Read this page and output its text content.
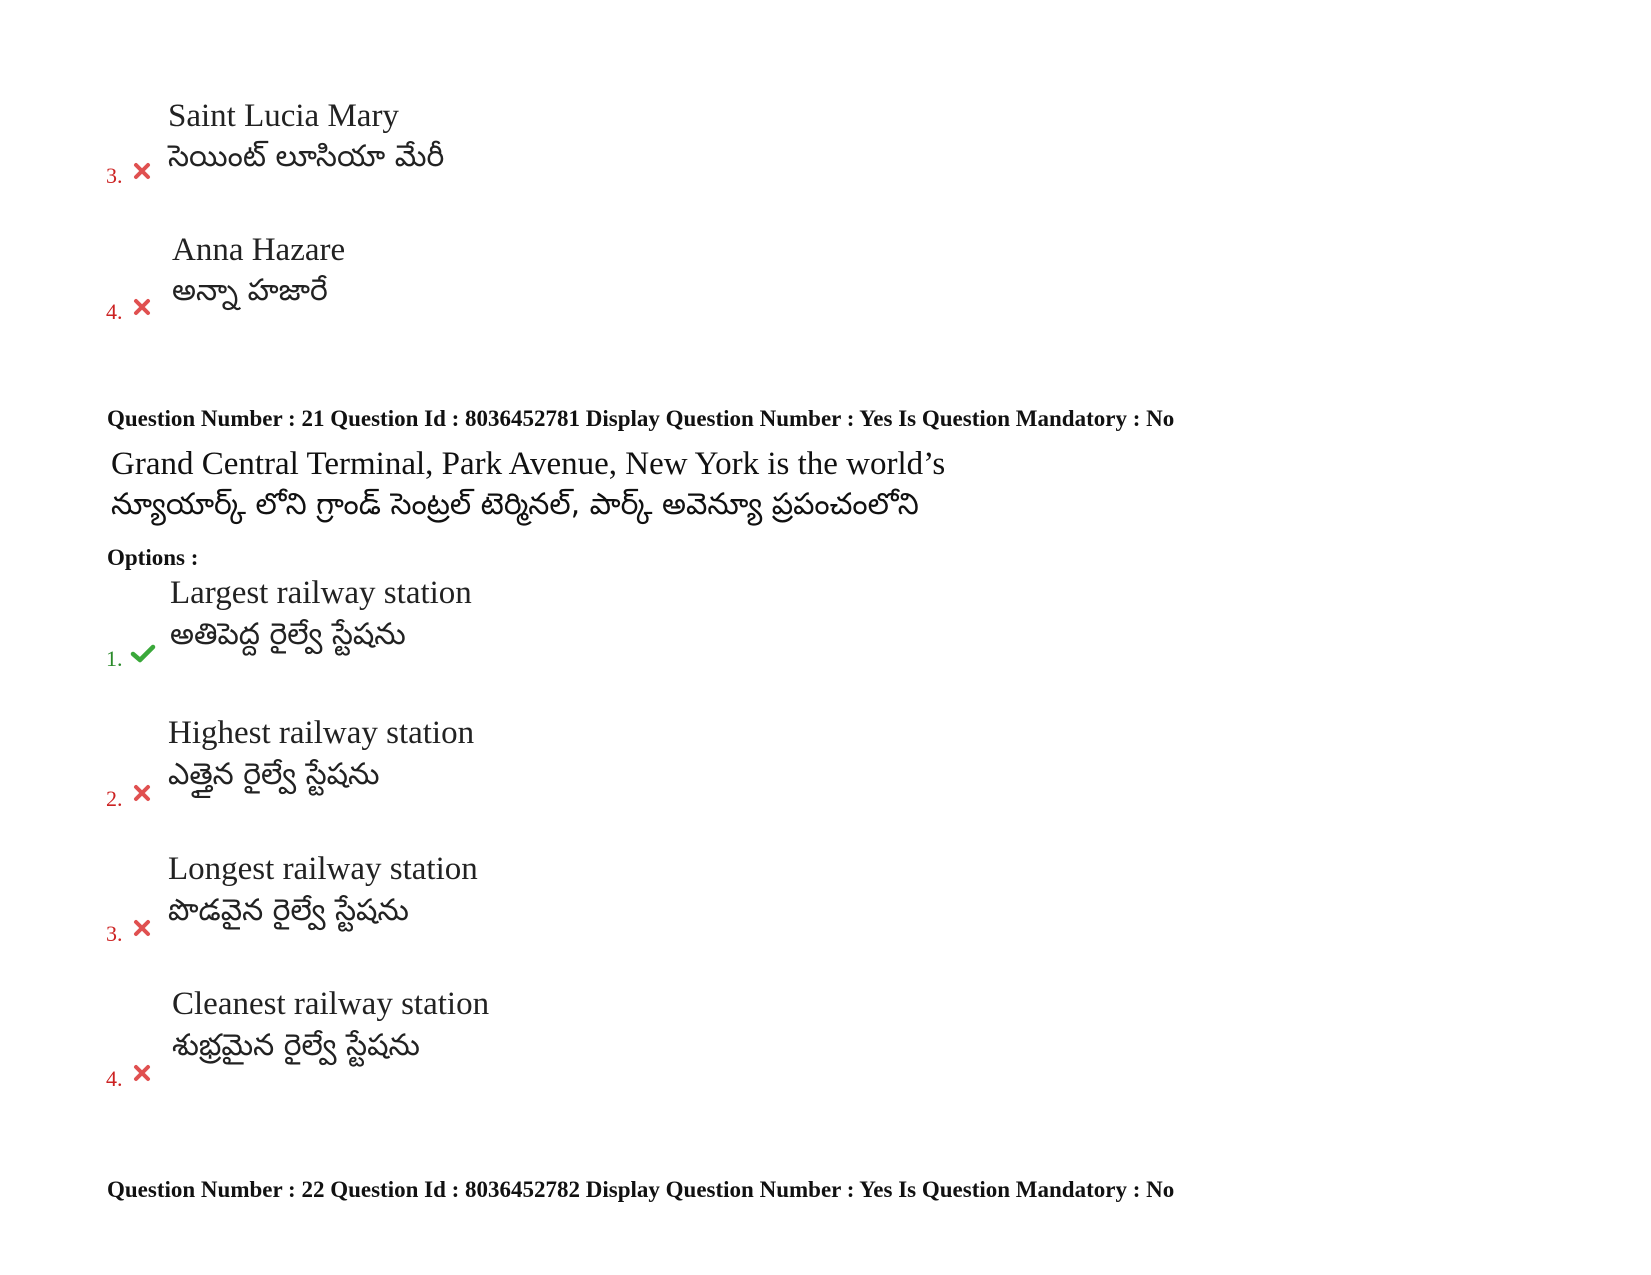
Saint Lucia Mary
సెయింట్ లూసియా మేరీ
3.
Anna Hazare
అన్నా హజారే
4.
Question Number : 21 Question Id : 8036452781 Display Question Number : Yes Is Question Mandatory : No
Grand Central Terminal, Park Avenue, New York is the world’s
న్యూయార్క్ లోని గ్రాండ్ సెంట్రల్ టెర్మినల్, పార్క్ అవెన్యూ ప్రపంచంలోని
Options :
Largest railway station
అతిపెద్ద రైల్వే స్టేషను
1.
Highest railway station
ఎత్తైన రైల్వే స్టేషను
2.
Longest railway station
పొడవైన రైల్వే స్టేషను
3.
Cleanest railway station
శుభ్రమైన రైల్వే స్టేషను
4.
Question Number : 22 Question Id : 8036452782 Display Question Number : Yes Is Question Mandatory : No
